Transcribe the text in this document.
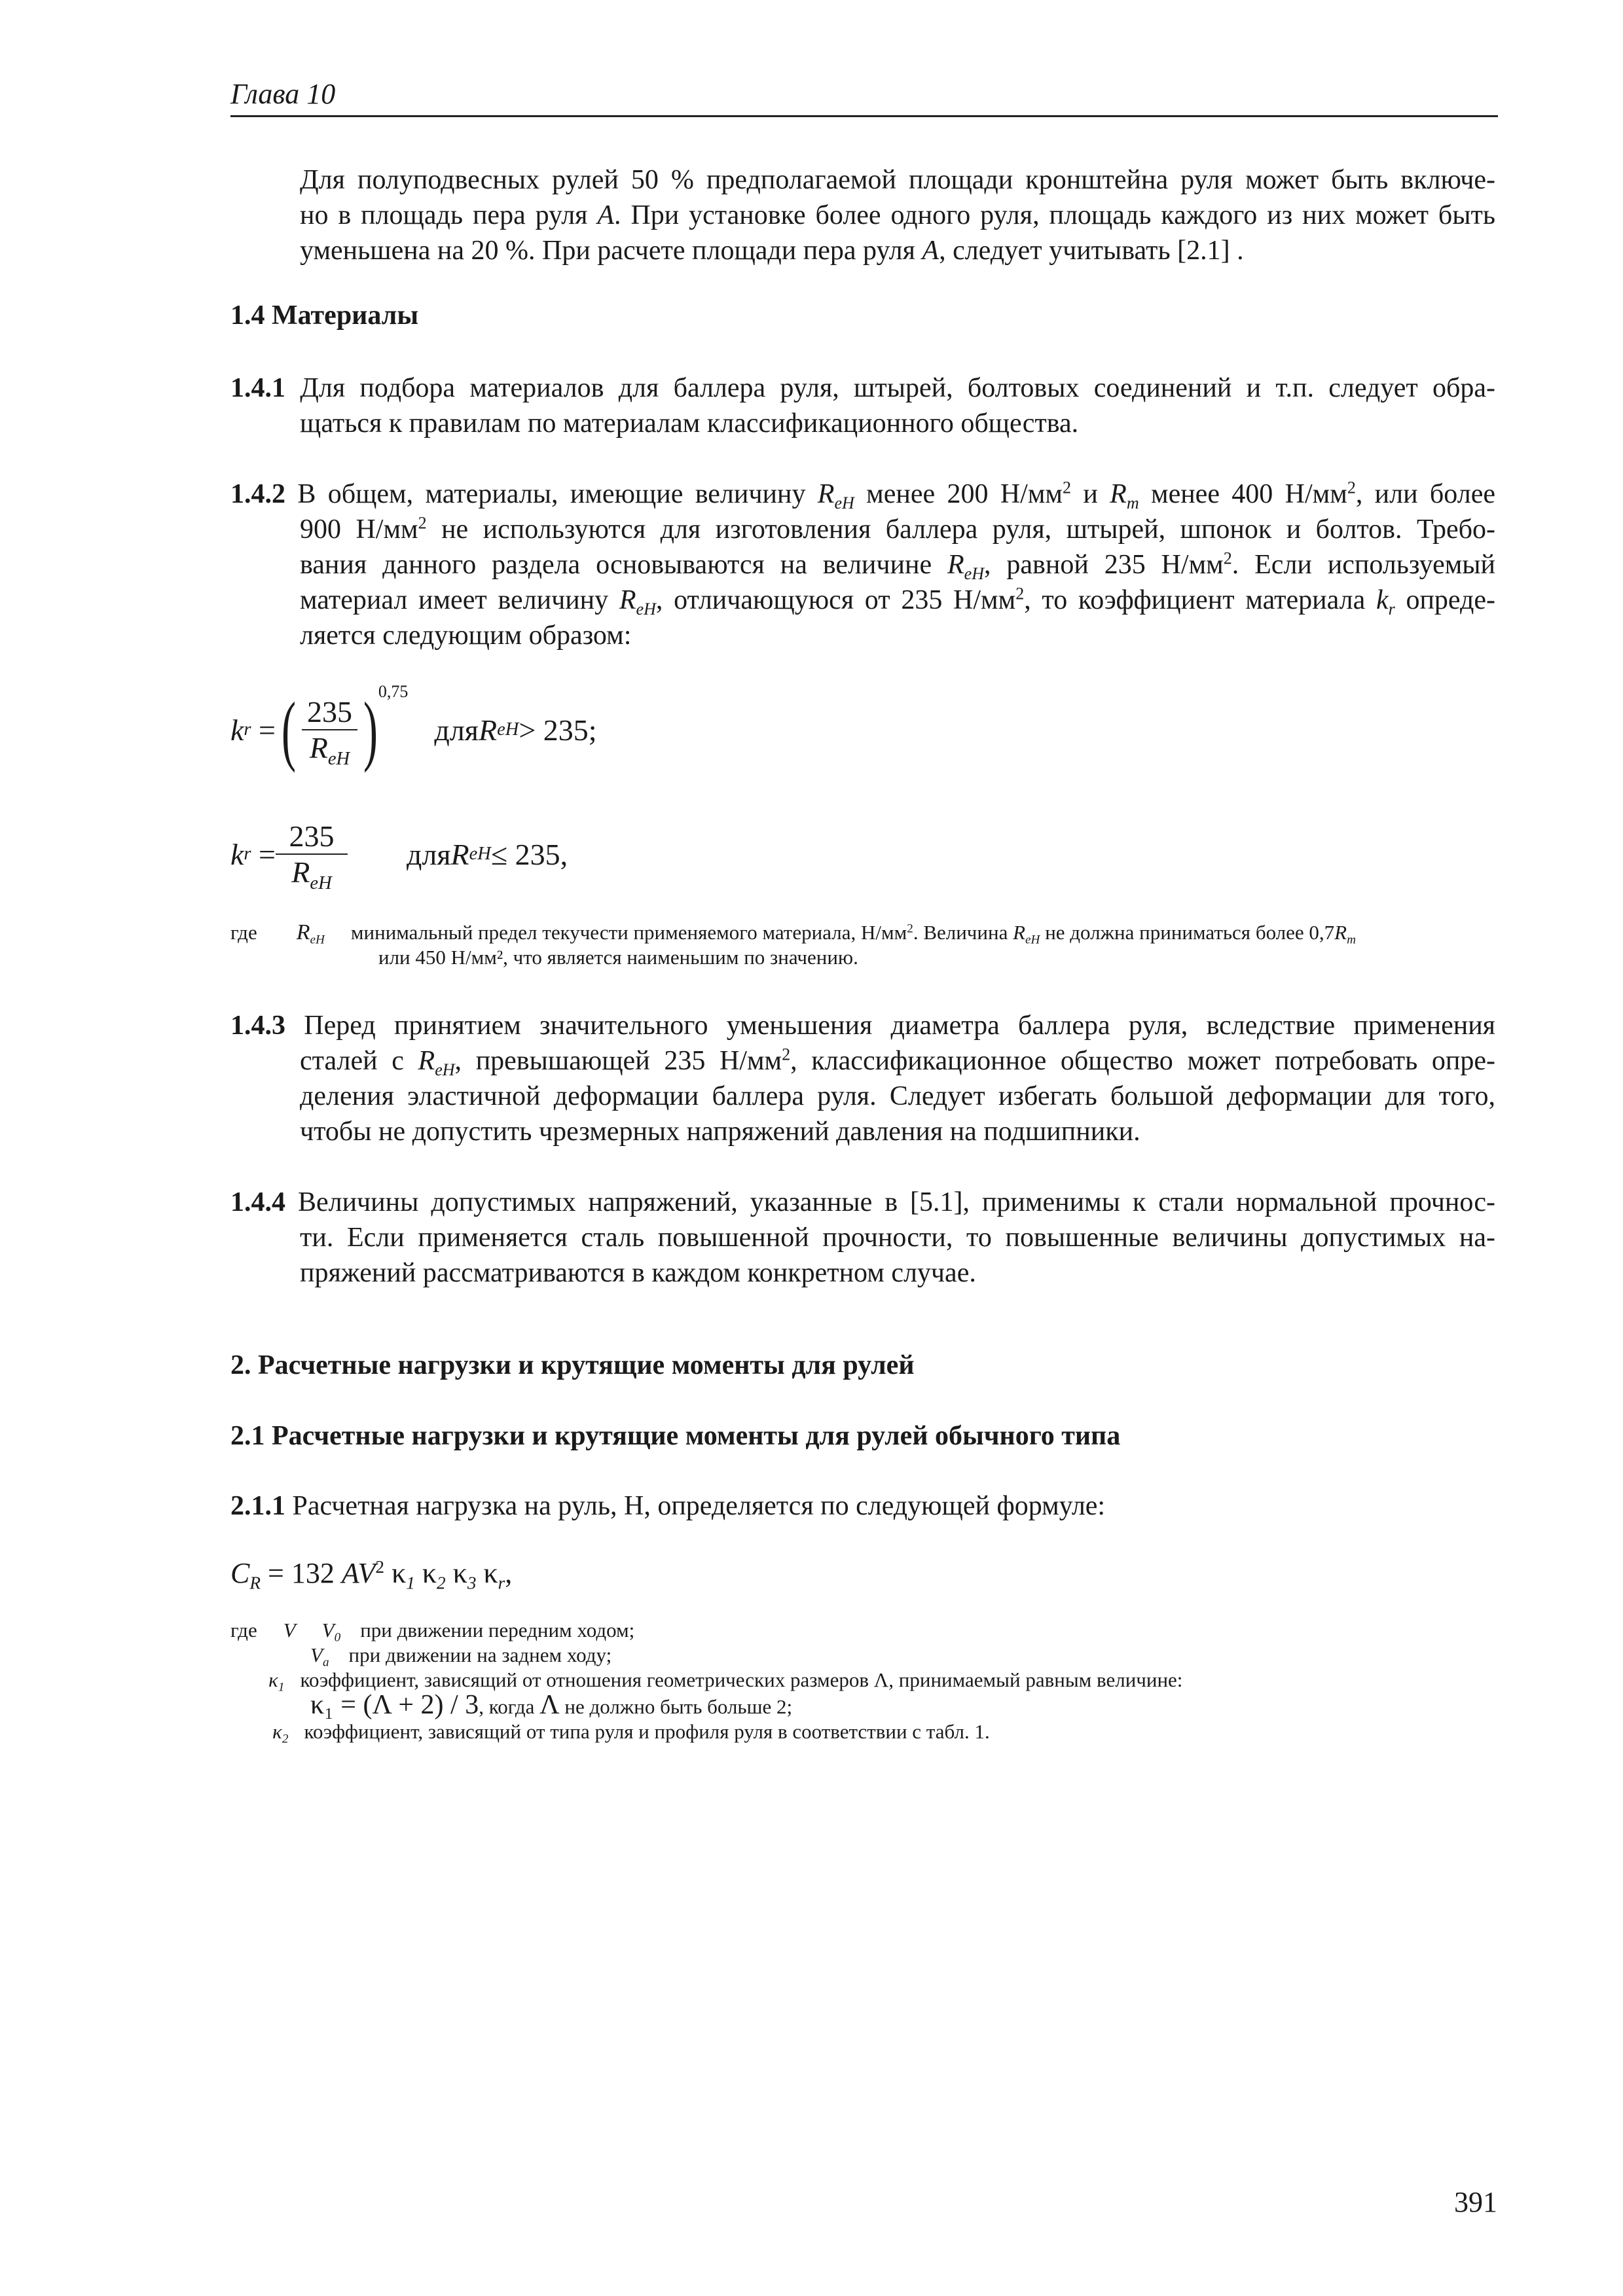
Глава 10
Для полуподвесных рулей 50 % предполагаемой площади кронштейна руля может быть включе-
но в площадь пера руля A. При установке более одного руля, площадь каждого из них может быть
уменьшена на 20 %. При расчете площади пера руля A, следует учитывать [2.1] .
1.4 Материалы
1.4.1 Для подбора материалов для баллера руля, штырей, болтовых соединений и т.п. следует обра-
щаться к правилам по материалам классификационного общества.
1.4.2 В общем, материалы, имеющие величину $R_{eH}$ менее 200 $Н/мм^2$ и $R_m$ менее 400 $Н/мм^2$, или более
900 $Н/мм^2$ не используются для изготовления баллера руля, штырей, шпонок и болтов. Требо-
вания данного раздела основываются на величине $R_{eH}$, равной 235 $Н/мм^2$. Если используемый
материал имеет величину $R_{eH}$, отличающуюся от 235 $Н/мм^2$, то коэффициент материала $k_r$ опреде-
ляется следующим образом:
k r
= ( $\frac{235}{R_{eH}}$ ) 0,75
для R eH > 235;
k r
= $\frac{235}{R_{eH}}$ для R eH ≤ 235,
где $R_{eH}$ минимальный предел текучести применяемого материала, $Н/мм^2$. Величина $R_{eH}$ не должна приниматься более $0,7R_m$
или 450 Н/мм², что является наименьшим по значению.
1.4.3 Перед принятием значительного уменьшения диаметра баллера руля, вследствие применения
сталей с $R_{eH}$, превышающей 235 $Н/мм^2$, классификационное общество может потребовать опре-
деления эластичной деформации баллера руля. Следует избегать большой деформации для того,
чтобы не допустить чрезмерных напряжений давления на подшипники.
1.4.4 Величины допустимых напряжений, указанные в [5.1], применимы к стали нормальной прочнос-
ти. Если применяется сталь повышенной прочности, то повышенные величины допустимых на-
пряжений рассматриваются в каждом конкретном случае.
2. Расчетные нагрузки и крутящие моменты для рулей
2.1 Расчетные нагрузки и крутящие моменты для рулей обычного типа
2.1.1 Расчетная нагрузка на руль, Н, определяется по следующей формуле:
$C_R = 132$ $AV^2$ $\kappa_1$ $\kappa_2$ $\kappa_3$ $\kappa_r$,
где V $V_0$ при движении передним ходом;
$V_a$ при движении на заднем ходу;
$\kappa_1$ коэффициент, зависящий от отношения геометрических размеров Λ, принимаемый равным величине:
κ₁ = (Λ + 2) / 3, когда Λ не должно быть больше 2;
$\kappa_2$ коэффициент, зависящий от типа руля и профиля руля в соответствии с табл. 1.
391
